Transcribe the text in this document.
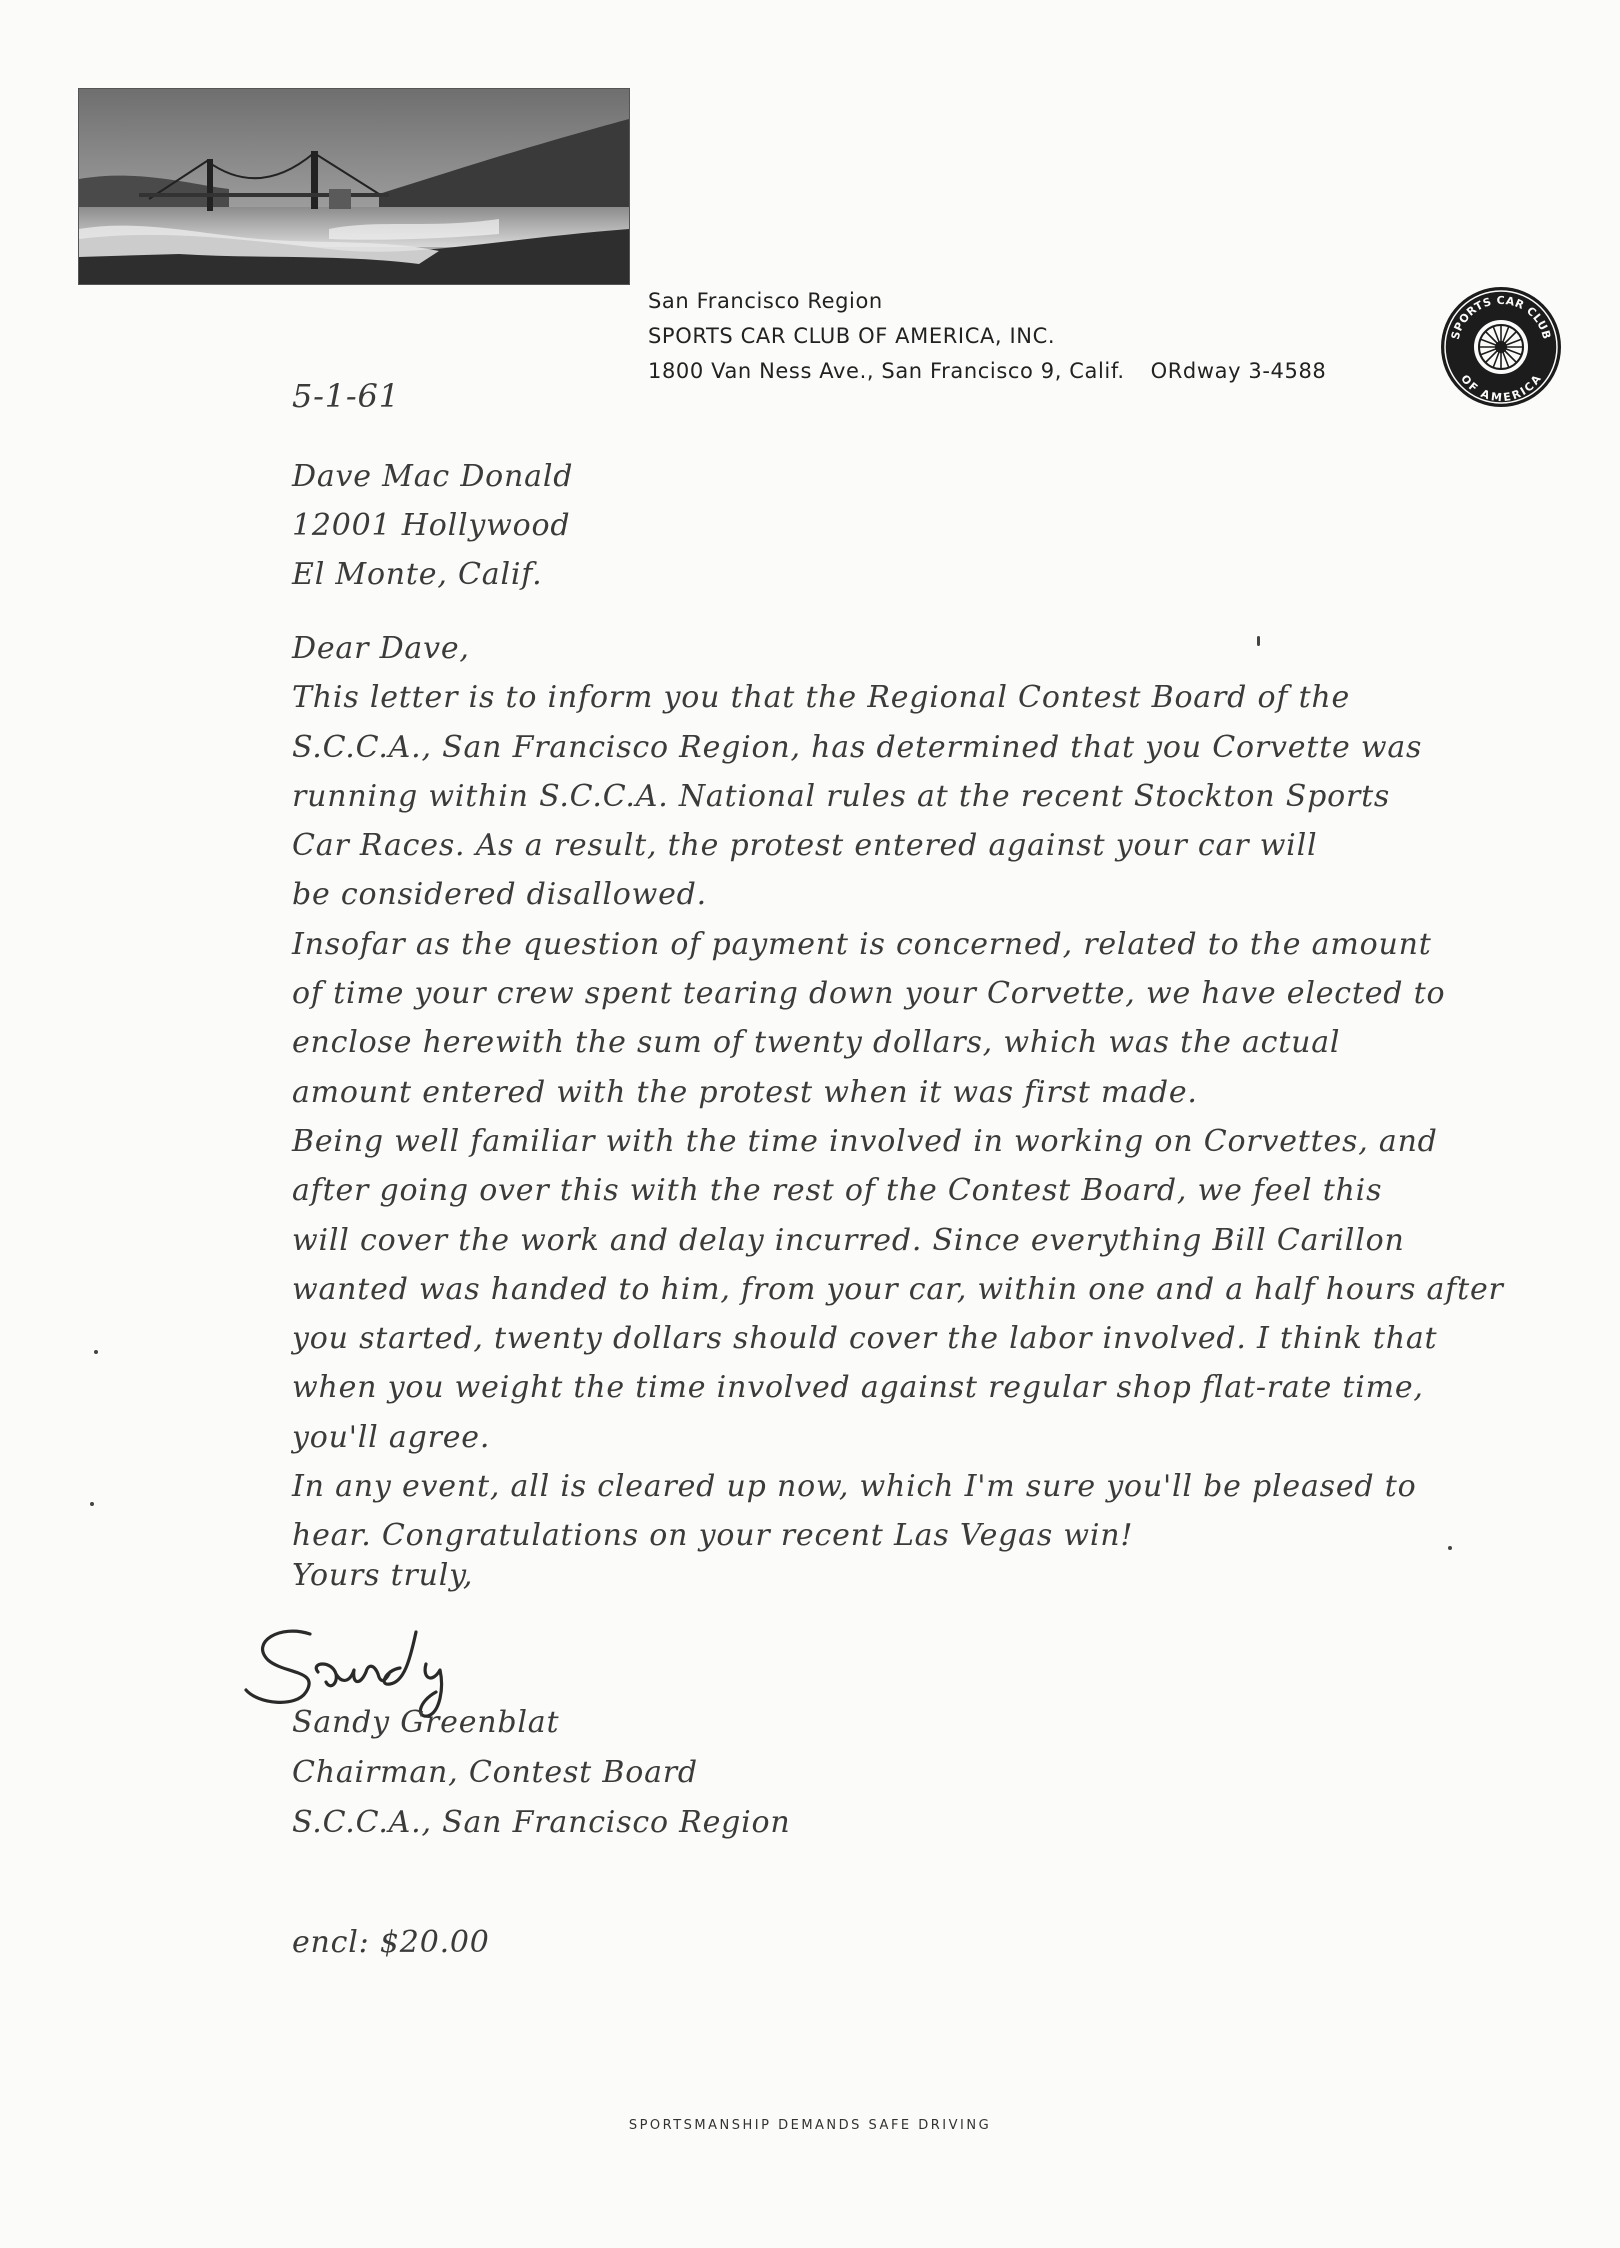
San Francisco Region
SPORTS CAR CLUB OF AMERICA, INC.
1800 Van Ness Ave., San Francisco 9, Calif. ORdway 3-4588
SPORTS CAR CLUB
OF AMERICA
5-1-61
Dave Mac Donald
12001 Hollywood
El Monte, Calif.
Dear Dave,
This letter is to inform you that the Regional Contest Board of the
S.C.C.A., San Francisco Region, has determined that you Corvette was
running within S.C.C.A. National rules at the recent Stockton Sports
Car Races. As a result, the protest entered against your car will
be considered disallowed.
Insofar as the question of payment is concerned, related to the amount
of time your crew spent tearing down your Corvette, we have elected to
enclose herewith the sum of twenty dollars, which was the actual
amount entered with the protest when it was first made.
Being well familiar with the time involved in working on Corvettes, and
after going over this with the rest of the Contest Board, we feel this
will cover the work and delay incurred. Since everything Bill Carillon
wanted was handed to him, from your car, within one and a half hours after
you started, twenty dollars should cover the labor involved. I think that
when you weight the time involved against regular shop flat-rate time,
you'll agree.
In any event, all is cleared up now, which I'm sure you'll be pleased to
hear. Congratulations on your recent Las Vegas win!
Yours truly,
Sandy Greenblat
Chairman, Contest Board
S.C.C.A., San Francisco Region
encl: $20.00
SPORTSMANSHIP DEMANDS SAFE DRIVING
